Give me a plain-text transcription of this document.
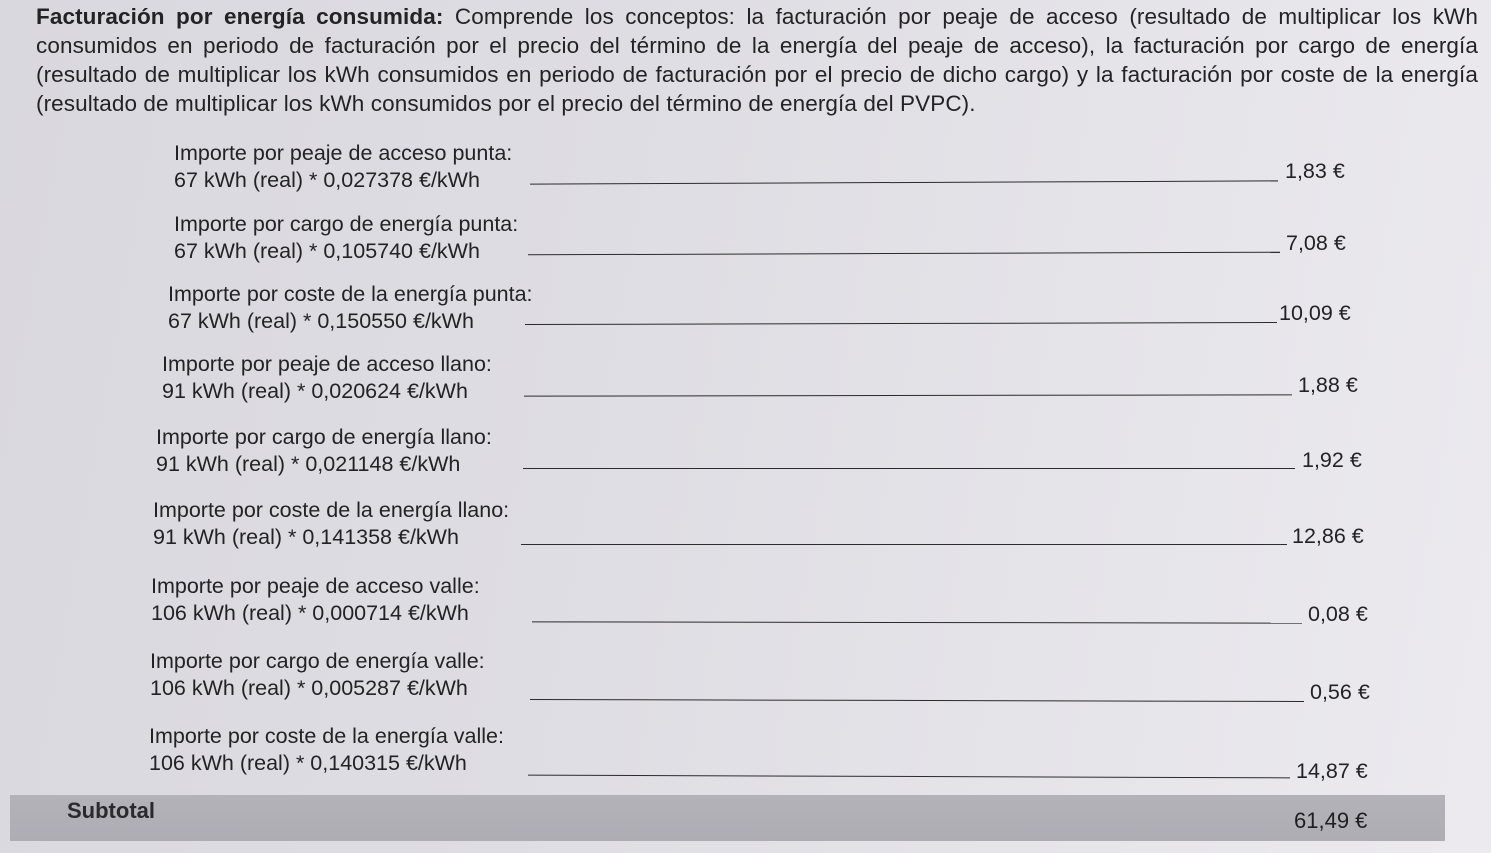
Facturación por energía consumida: Comprende los conceptos: la facturación por peaje de acceso (resultado de multiplicar los kWh consumidos en periodo de facturación por el precio del término de la energía del peaje de acceso), la facturación por cargo de energía (resultado de multiplicar los kWh consumidos en periodo de facturación por el precio de dicho cargo) y la facturación por coste de la energía (resultado de multiplicar los kWh consumidos por el precio del término de energía del PVPC).
Importe por peaje de acceso punta:
67 kWh (real) * 0,027378 €/kWh	1,83 €
Importe por cargo de energía punta:
67 kWh (real) * 0,105740 €/kWh	7,08 €
Importe por coste de la energía punta:
67 kWh (real) * 0,150550 €/kWh	10,09 €
Importe por peaje de acceso llano:
91 kWh (real) * 0,020624 €/kWh	1,88 €
Importe por cargo de energía llano:
91 kWh (real) * 0,021148 €/kWh	1,92 €
Importe por coste de la energía llano:
91 kWh (real) * 0,141358 €/kWh	12,86 €
Importe por peaje de acceso valle:
106 kWh (real) * 0,000714 €/kWh	0,08 €
Importe por cargo de energía valle:
106 kWh (real) * 0,005287 €/kWh	0,56 €
Importe por coste de la energía valle:
106 kWh (real) * 0,140315 €/kWh	14,87 €
Subtotal	61,49 €
